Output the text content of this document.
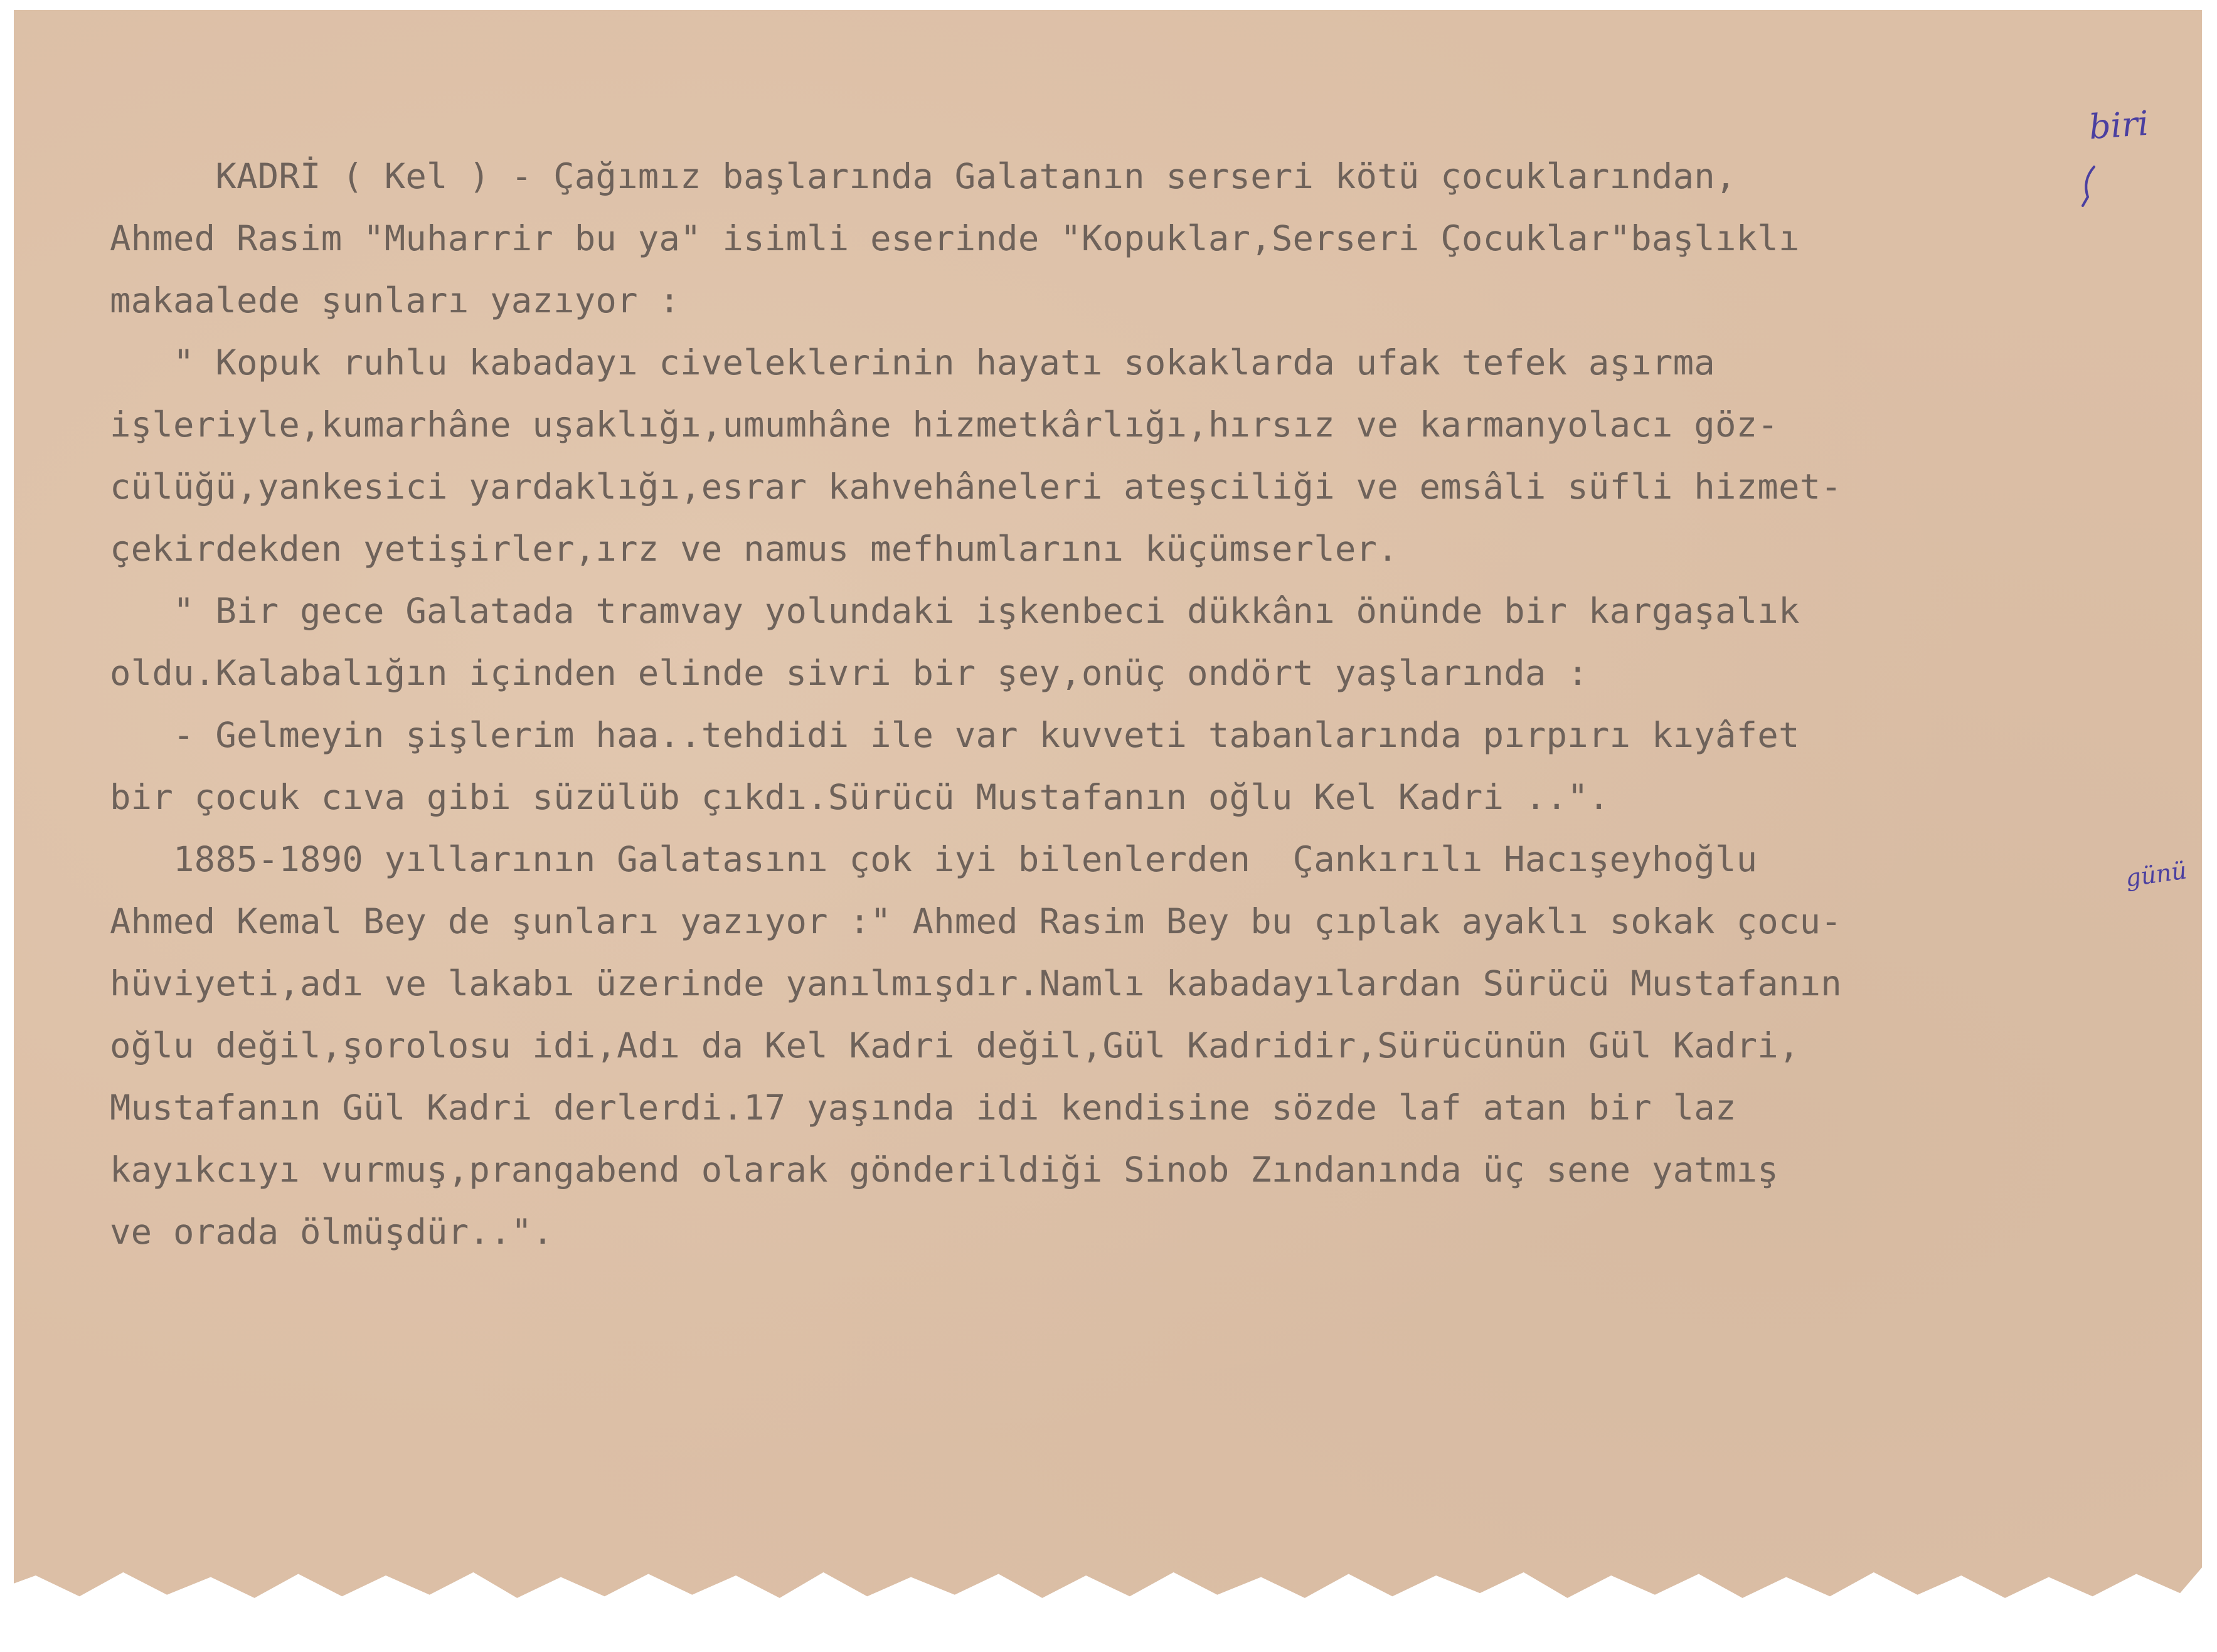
KADRİ ( Kel ) - Çağımız başlarında Galatanın serseri kötü çocuklarından,
Ahmed Rasim "Muharrir bu ya" isimli eserinde "Kopuklar,Serseri Çocuklar"başlıklı
makaalede şunları yazıyor :
" Kopuk ruhlu kabadayı civeleklerinin hayatı sokaklarda ufak tefek aşırma
işleriyle,kumarhâne uşaklığı,umumhâne hizmetkârlığı,hırsız ve karmanyolacı göz-
cülüğü,yankesici yardaklığı,esrar kahvehâneleri ateşciliği ve emsâli süfli hizmet-
çekirdekden yetişirler,ırz ve namus mefhumlarını küçümserler.
" Bir gece Galatada tramvay yolundaki işkenbeci dükkânı önünde bir kargaşalık
oldu.Kalabalığın içinden elinde sivri bir şey,onüç ondört yaşlarında :
- Gelmeyin şişlerim haa..tehdidi ile var kuvveti tabanlarında pırpırı kıyâfet
bir çocuk cıva gibi süzülüb çıkdı.Sürücü Mustafanın oğlu Kel Kadri ..".
1885-1890 yıllarının Galatasını çok iyi bilenlerden  Çankırılı Hacışeyhoğlu
Ahmed Kemal Bey de şunları yazıyor :" Ahmed Rasim Bey bu çıplak ayaklı sokak çocu-
hüviyeti,adı ve lakabı üzerinde yanılmışdır.Namlı kabadayılardan Sürücü Mustafanın
oğlu değil,şorolosu idi,Adı da Kel Kadri değil,Gül Kadridir,Sürücünün Gül Kadri,
Mustafanın Gül Kadri derlerdi.17 yaşında idi kendisine sözde laf atan bir laz
kayıkcıyı vurmuş,prangabend olarak gönderildiği Sinob Zındanında üç sene yatmış
ve orada ölmüşdür..".
biri
günü
